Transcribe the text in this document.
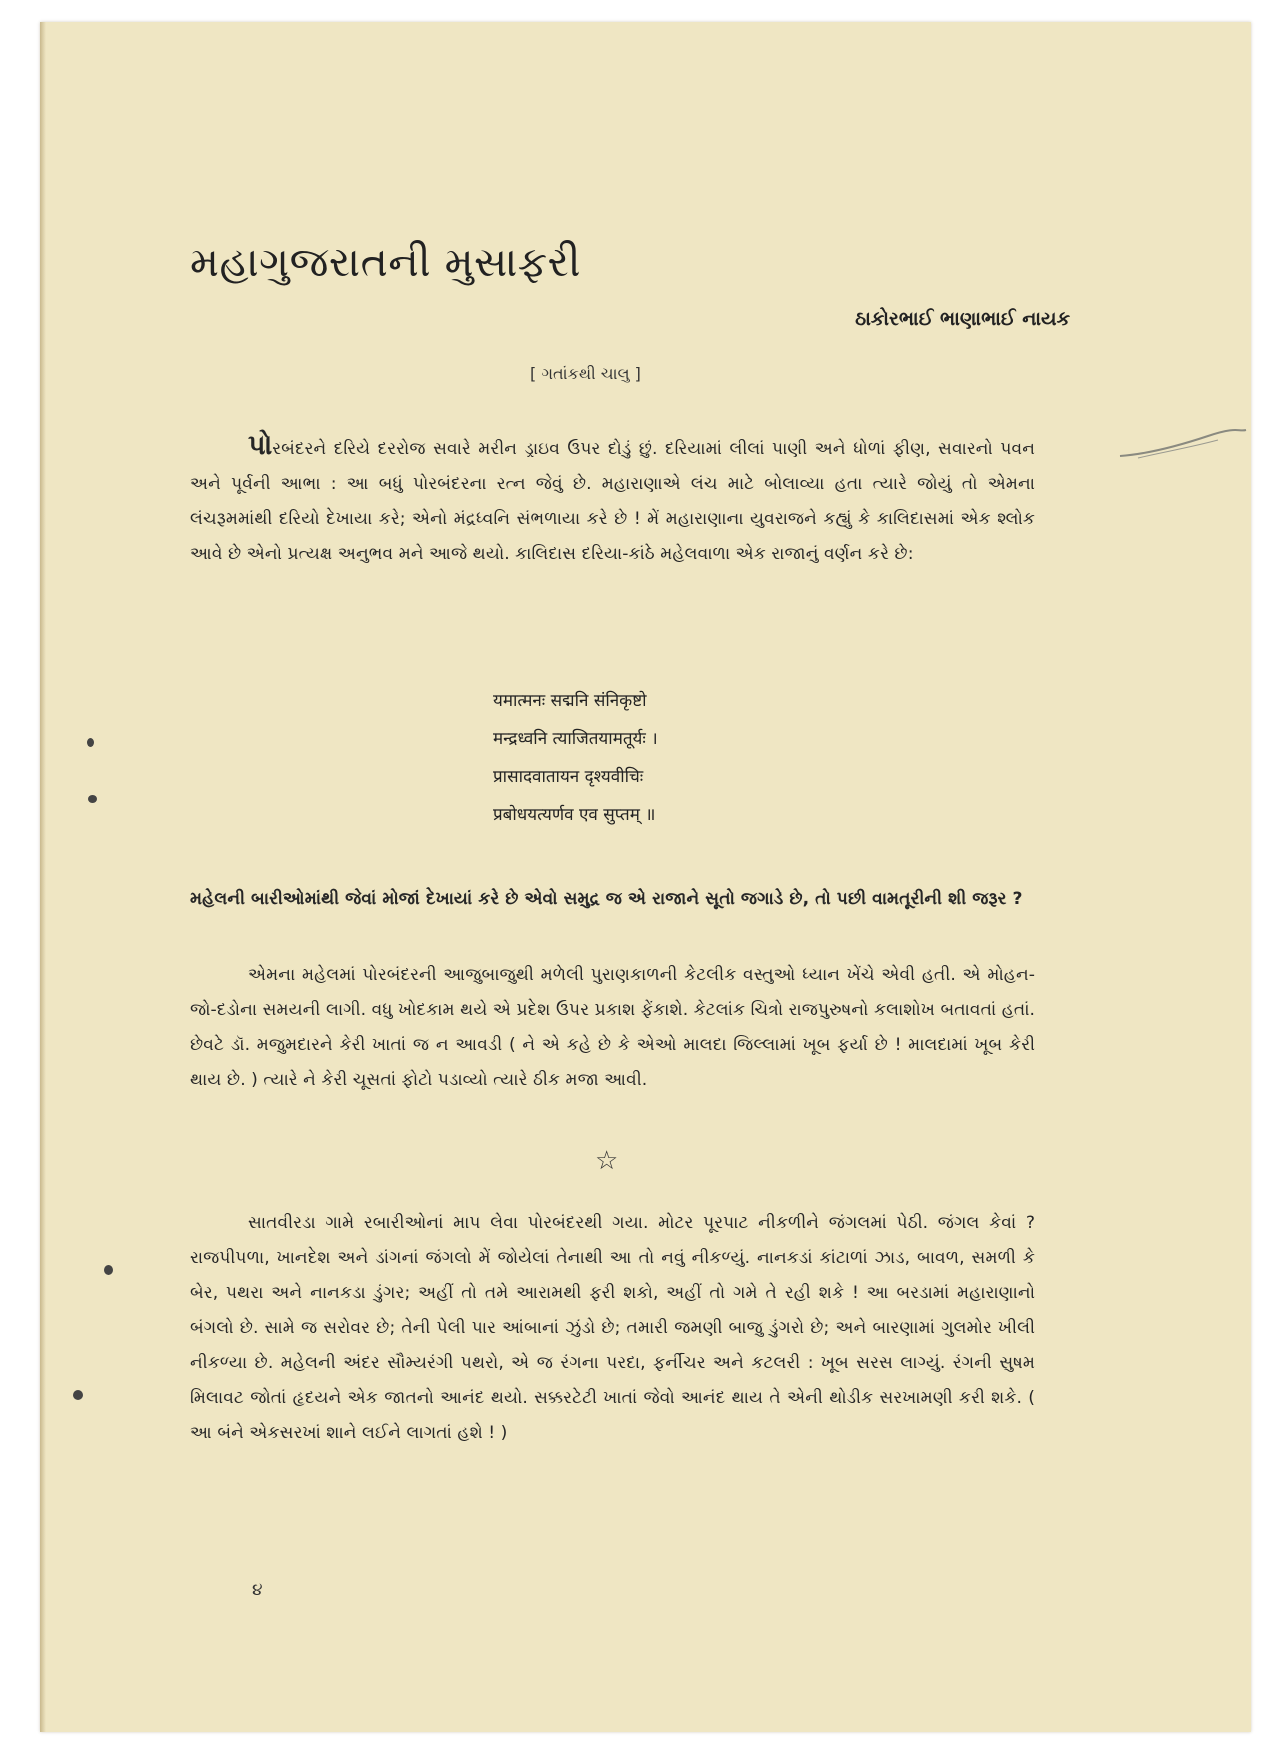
મહાગુજરાતની મુસાફરી
ઠાકોરભાઈ ભાણાભાઈ નાયક
[ ગતાંકથી ચાલુ ]

પોરબંદરને દરિયે દરરોજ સવારે મરીન ડ્રાઇવ ઉપર દોડું છું. દરિયામાં લીલાં પાણી અને ધોળાં ફીણ, સવારનો પવન અને પૂર્વની આભા : આ બધું પોરબંદરના રત્ન જેવું છે. મહારાણાએ લંચ માટે બોલાવ્યા હતા ત્યારે જોયું તો એમના લંચરૂમમાંથી દરિયો દેખાયા કરે; એનો મંદ્રધ્વનિ સંભળાયા કરે છે ! મેં મહારાણાના યુવરાજને કહ્યું કે કાલિદાસમાં એક શ્લોક આવે છે એનો પ્રત્યક્ષ અનુભવ મને આજે થયો. કાલિદાસ દરિયા-કાંઠે મહેલવાળા એક રાજાનું વર્ણન કરે છે:

यमात्मनः सद्मनि संनिकृष्टो
मन्द्रध्वनि त्याजितयामतूर्यः ।
प्रासादवातायन दृश्यवीचिः
प्रबोधयत्यर्णव एव सुप्तम् ॥

મહેલની બારીઓમાંથી જેવાં મોજાં દેખાયાં કરે છે એવો સમુદ્ર જ એ રાજાને સૂતો જગાડે છે, તો પછી વામતૂરીની શી જરૂર ?

એમના મહેલમાં પોરબંદરની આજુબાજુથી મળેલી પુરાણકાળની કેટલીક વસ્તુઓ ધ્યાન ખેંચે એવી હતી. એ મોહન-જો-દડોના સમયની લાગી. વધુ ખોદકામ થયે એ પ્રદેશ ઉપર પ્રકાશ ફેંકાશે. કેટલાંક ચિત્રો રાજપુરુષનો કલાશોખ બતાવતાં હતાં. છેવટે ડૉ. મજુમદારને કેરી ખાતાં જ ન આવડી ( ને એ કહે છે કે એઓ માલદા જિલ્લામાં ખૂબ ફર્યા છે ! માલદામાં ખૂબ કેરી થાય છે. ) ત્યારે ને કેરી ચૂસતાં ફોટો પડાવ્યો ત્યારે ઠીક મજા આવી.

☆

સાતવીરડા ગામે રબારીઓનાં માપ લેવા પોરબંદરથી ગયા. મોટર પૂરપાટ નીકળીને જંગલમાં પેઠી. જંગલ કેવાં ? રાજપીપળા, ખાનદેશ અને ડાંગનાં જંગલો મેં જોયેલાં તેનાથી આ તો નવું નીકળ્યું. નાનકડાં કાંટાળાં ઝાડ, બાવળ, સમળી કે બેર, પથરા અને નાનકડા ડુંગર; અહીં તો તમે આરામથી ફરી શકો, અહીં તો ગમે તે રહી શકે ! આ બરડામાં મહારાણાનો બંગલો છે. સામે જ સરોવર છે; તેની પેલી પાર આંબાનાં ઝુંડો છે; તમારી જમણી બાજુ ડુંગરો છે; અને બારણામાં ગુલમોર ખીલી નીકળ્યા છે. મહેલની અંદર સૌમ્યરંગી પથરો, એ જ રંગના પરદા, ફર્નીચર અને કટલરી : ખૂબ સરસ લાગ્યું. રંગની સુષમ મિલાવટ જોતાં હૃદયને એક જાતનો આનંદ થયો. સક્કરટેટી ખાતાં જેવો આનંદ થાય તે એની થોડીક સરખામણી કરી શકે. ( આ બંને એકસરખાં શાને લઈને લાગતાં હશે ! )

૪
